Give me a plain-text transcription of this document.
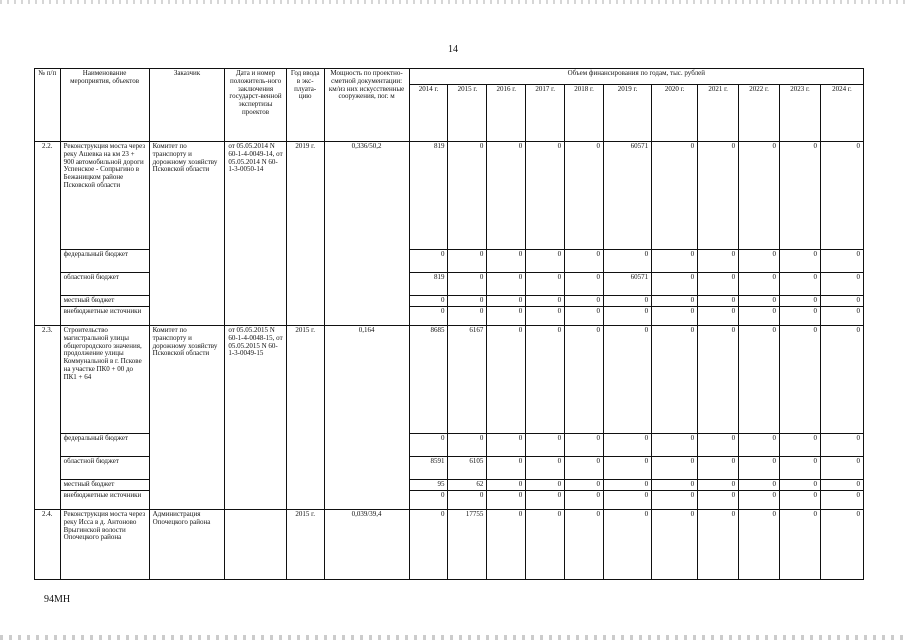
14
№ п/п	Наименование мероприятия, объектов	Заказчик	Дата и номер положитель-ного заключения государст-венной экспертизы проектов	Год ввода в экс-плуата-цию	Мощность по проектно-сметной документации: км/из них искусственные сооружения, пог. м	Объем финансирования по годам, тыс. рублей										
						2014 г.	2015 г.	2016 г.	2017 г.	2018 г.	2019 г.	2020 г.	2021 г.	2022 г.	2023 г.	2024 г.
2.2.	Реконструкция моста через реку Ашевка на км 23 + 900 автомобильной дороги Успенское - Сопрыгино в Бежаницком районе Псковской области	Комитет по транспорту и дорожному хозяйству Псковской области	от 05.05.2014 N 60-1-4-0049-14, от 05.05.2014 N 60-1-3-0050-14	2019 г.	0,336/50,2	819	0	0	0	0	60571	0	0	0	0	0
	федеральный бюджет					0	0	0	0	0	0	0	0	0	0	0
	областной бюджет					819	0	0	0	0	60571	0	0	0	0	0
	местный бюджет					0	0	0	0	0	0	0	0	0	0	0
	внебюджетные источники					0	0	0	0	0	0	0	0	0	0	0
2.3.	Строительство магистральной улицы общегородского значения, продолжение улицы Коммунальной в г. Пскове на участке ПК0 + 00 до ПК1 + 64	Комитет по транспорту и дорожному хозяйству Псковской области	от 05.05.2015 N 60-1-4-0048-15, от 05.05.2015 N 60-1-3-0049-15	2015 г.	0,164	8685	6167	0	0	0	0	0	0	0	0	0
	федеральный бюджет					0	0	0	0	0	0	0	0	0	0	0
	областной бюджет					8591	6105	0	0	0	0	0	0	0	0	0
	местный бюджет					95	62	0	0	0	0	0	0	0	0	0
	внебюджетные источники					0	0	0	0	0	0	0	0	0	0	0
2.4.	Реконструкция моста через реку Исса в д. Антоново Врыгинской волости Опочецкого района	Администрация Опочецкого района		2015 г.	0,039/39,4	0	17755	0	0	0	0	0	0	0	0	0
94МН
